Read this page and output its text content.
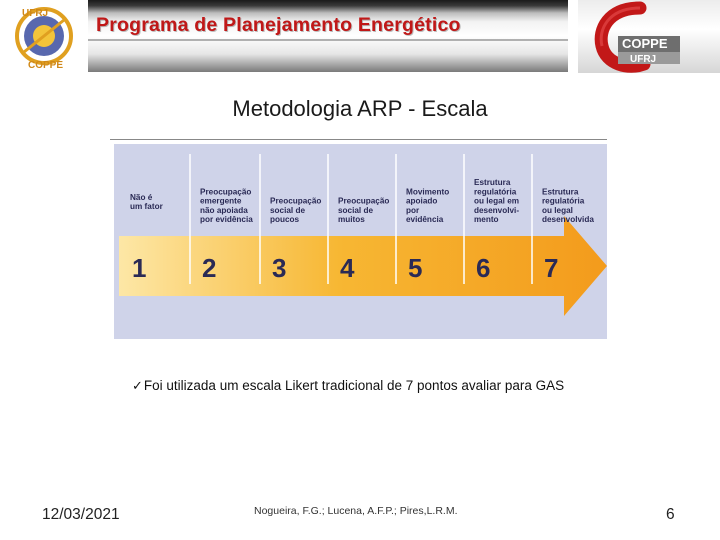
UFRJ
COPPE
Programa de Planejamento Energético
COPPE
UFRJ
Metodologia ARP - Escala
Não é um fator
Preocupação emergente não apoiada por evidência
Preocupação social de poucos
Preocupação social de muitos
Movimento apoiado por evidência
Estrutura regulatória ou legal em desenvolvi-mento
Estrutura regulatória ou legal desenvolvida
1 2 3 4 5 6 7
✓Foi utilizada um escala Likert tradicional de 7 pontos avaliar para GAS
12/03/2021	Nogueira, F.G.; Lucena, A.F.P.; Pires,L.R.M.	6
